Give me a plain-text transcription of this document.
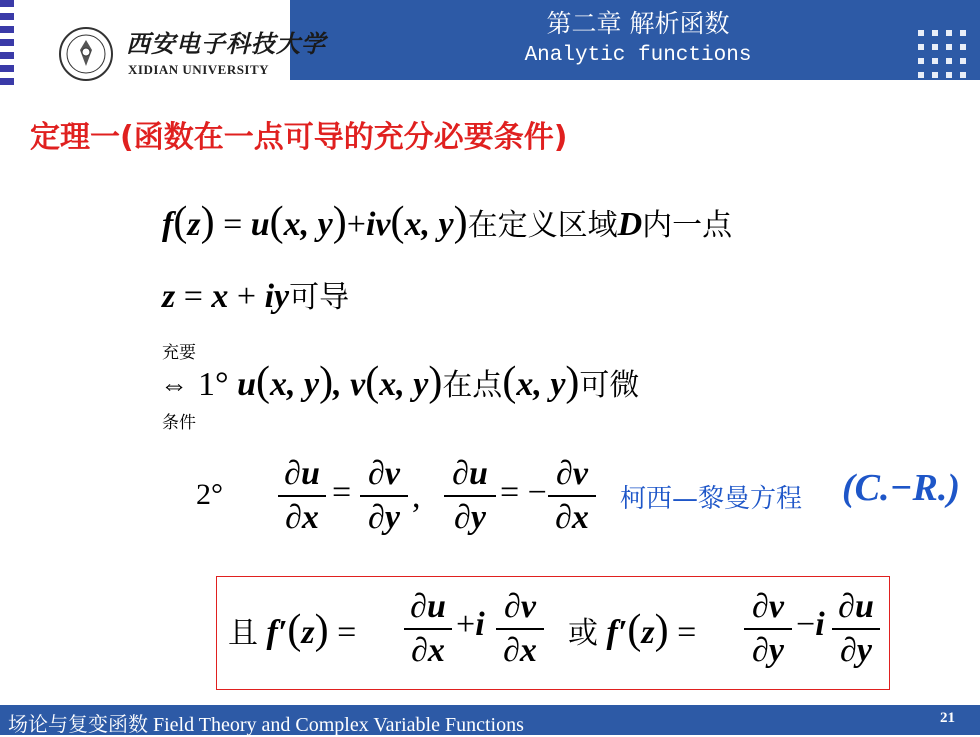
西安电子科技大学
XIDIAN UNIVERSITY
第二章 解析函数
Analytic functions
定理一(函数在一点可导的充分必要条件)
f(z) = u(x, y)+iv(x, y)在定义区域D内一点
z = x + iy可导
充要
⇔
条件
1° u(x, y), v(x, y)在点(x, y)可微
2°
∂u
∂x
=
∂v
∂y
,
∂u
∂y
= −
∂v
∂x 柯西—黎曼方程 (C.−R.)
且 f′(z) =
∂u
∂x
+i ∂v
∂x 或 f′(z) =
∂v
∂y
−i ∂u
∂y
场论与复变函数 Field Theory and Complex Variable Functions	21
